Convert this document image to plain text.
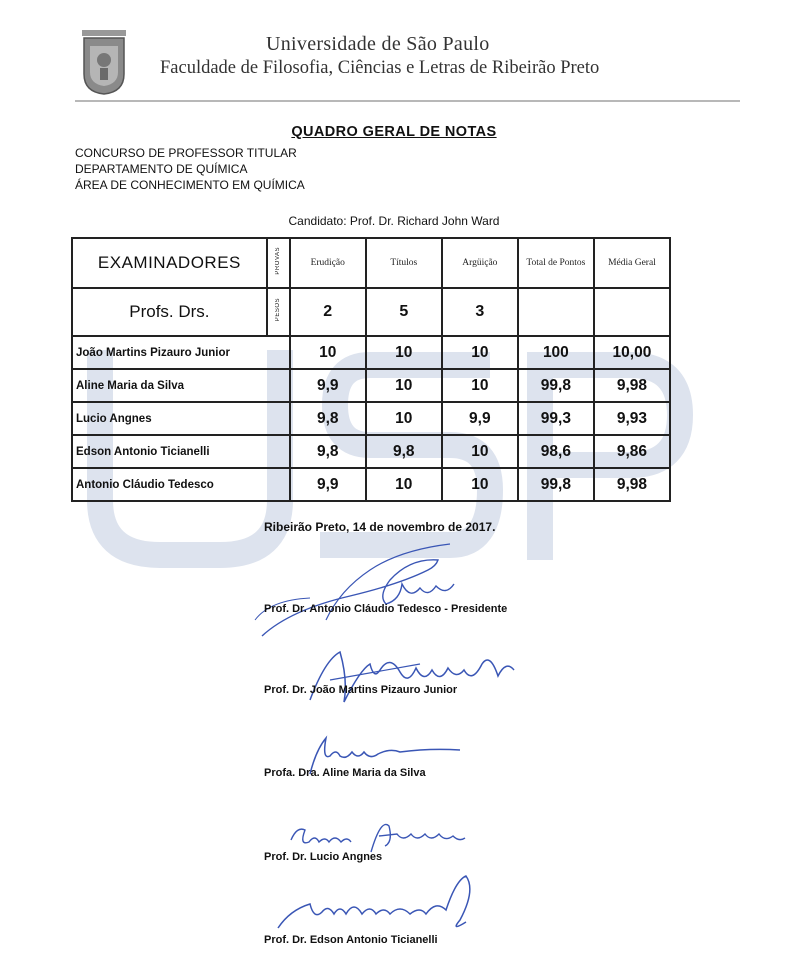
Universidade de São Paulo
Faculdade de Filosofia, Ciências e Letras de Ribeirão Preto
QUADRO GERAL DE NOTAS
CONCURSO DE PROFESSOR TITULAR
DEPARTAMENTO DE QUÍMICA
ÁREA DE CONHECIMENTO EM QUÍMICA
Candidato: Prof. Dr. Richard John Ward
EXAMINADORES	PROVAS	Erudição	Títulos	Argüição	Total de Pontos	Média Geral
Profs. Drs.	PESOS	2	5	3		
João Martins Pizauro Junior		10	10	10	100	10,00
Aline Maria da Silva		9,9	10	10	99,8	9,98
Lucio Angnes		9,8	10	9,9	99,3	9,93
Edson Antonio Ticianelli		9,8	9,8	10	98,6	9,86
Antonio Cláudio Tedesco		9,9	10	10	99,8	9,98
Ribeirão Preto, 14 de novembro de 2017.
Prof. Dr. Antonio Cláudio Tedesco - Presidente
Prof. Dr. João Martins Pizauro Junior
Profa. Dra. Aline Maria da Silva
Prof. Dr. Lucio Angnes
Prof. Dr. Edson Antonio Ticianelli
